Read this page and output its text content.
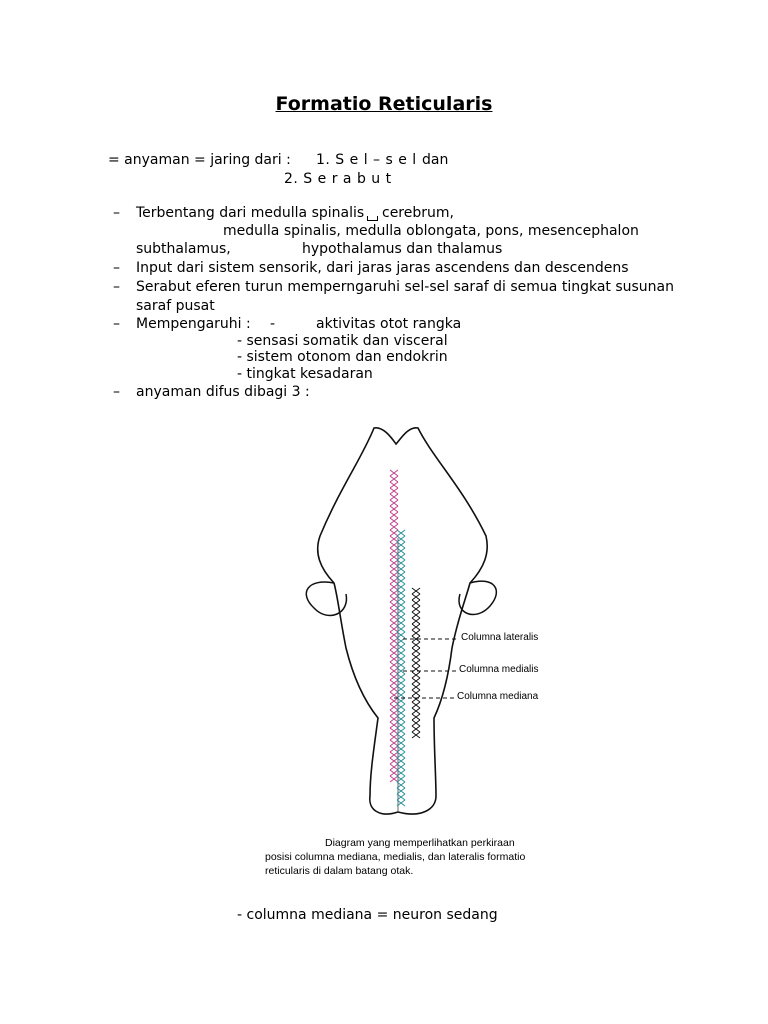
Formatio Reticularis
= anyaman = jaring dari : 1. S e l – s e l dan
2. S e r a b u t
– Terbentang dari medulla spinalis cerebrum,
medulla spinalis, medulla oblongata, pons, mesencephalon
subthalamus,	hypothalamus dan thalamus
– Input dari sistem sensorik, dari jaras jaras ascendens dan descendens
– Serabut eferen turun memperngaruhi sel-sel saraf di semua tingkat susunan
saraf pusat
– Mempengaruhi : -	aktivitas otot rangka
- sensasi somatik dan visceral
- sistem otonom dan endokrin
- tingkat kesadaran
– anyaman difus dibagi 3 :
Columna lateralis
Columna medialis
Columna mediana
Diagram yang memperlihatkan perkiraan
posisi columna mediana, medialis, dan lateralis formatio
reticularis di dalam batang otak.
- columna mediana = neuron sedang
